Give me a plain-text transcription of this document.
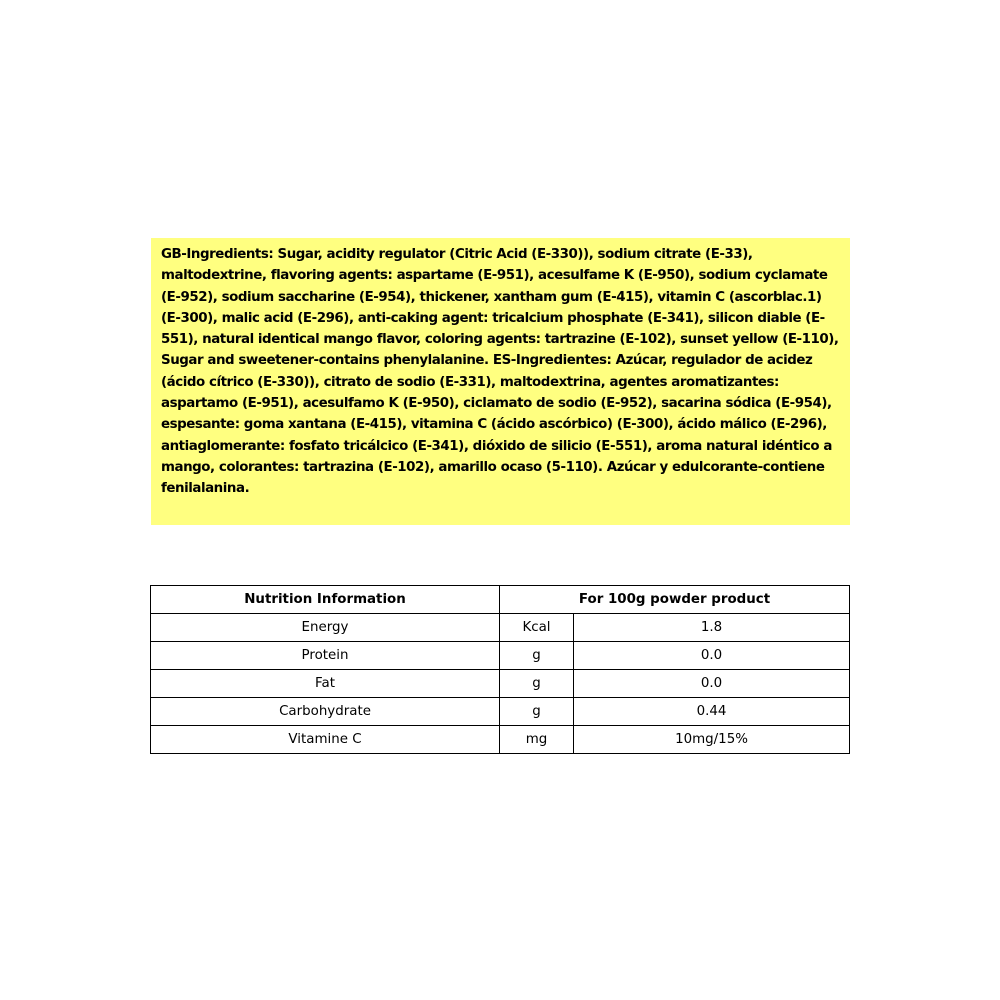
GB-Ingredients: Sugar, acidity regulator (Citric Acid (E-330)), sodium citrate (E-33), maltodextrine, flavoring agents: aspartame (E-951), acesulfame K (E-950), sodium cyclamate (E-952), sodium saccharine (E-954), thickener, xantham gum (E-415), vitamin C (ascorblac.1) (E-300), malic acid (E-296), anti-caking agent: tricalcium phosphate (E-341), silicon diable (E-551), natural identical mango flavor, coloring agents: tartrazine (E-102), sunset yellow (E-110), Sugar and sweetener-contains phenylalanine. ES-Ingredientes: Azúcar, regulador de acidez (ácido cítrico (E-330)), citrato de sodio (E-331), maltodextrina, agentes aromatizantes: aspartamo (E-951), acesulfamo K (E-950), ciclamato de sodio (E-952), sacarina sódica (E-954), espesante: goma xantana (E-415), vitamina C (ácido ascórbico) (E-300), ácido málico (E-296), antiaglomerante: fosfato tricálcico (E-341), dióxido de silicio (E-551), aroma natural idéntico a mango, colorantes: tartrazina (E-102), amarillo ocaso (5-110). Azúcar y edulcorante-contiene fenilalanina.

Nutrition Information	For 100g powder product	
Energy	Kcal	1.8
Protein	g	0.0
Fat	g	0.0
Carbohydrate	g	0.44
Vitamine C	mg	10mg/15%
